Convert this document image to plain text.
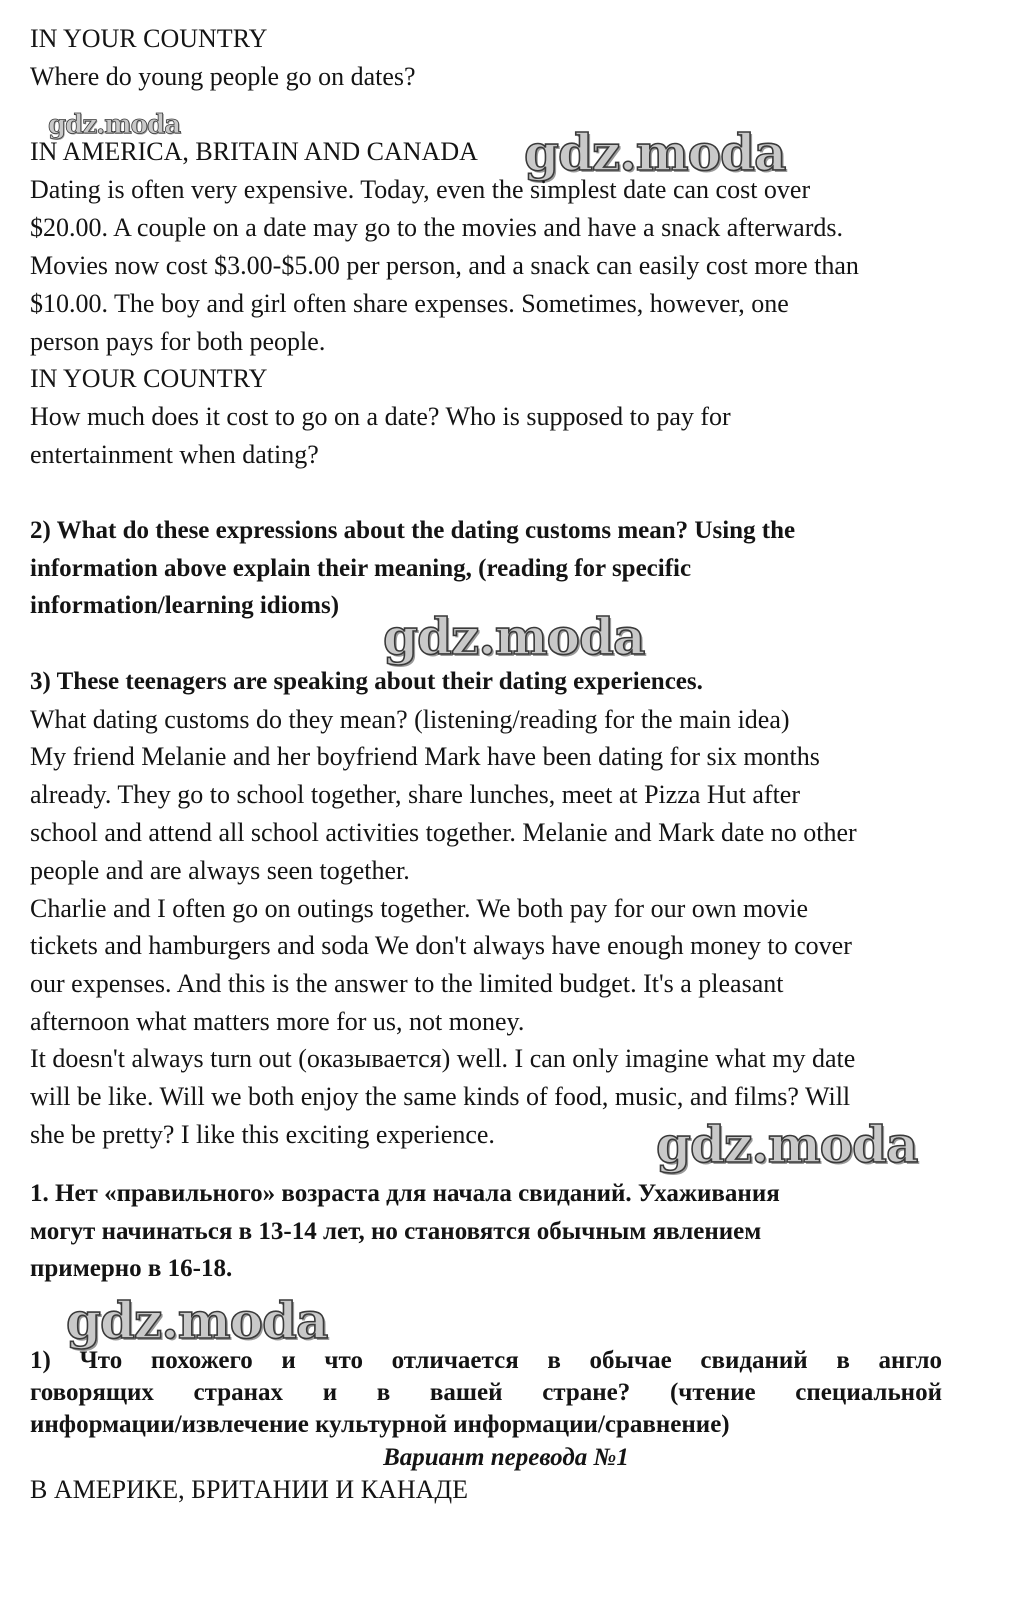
gdz.moda	gdz.moda
gdz.moda
gdz.moda
gdz.moda

IN YOUR COUNTRY

Where do young people go on dates?

IN AMERICA, BRITAIN AND CANADA

Dating is often very expensive. Today, even the simplest date can cost over

$20.00. A couple on a date may go to the movies and have a snack afterwards.

Movies now cost $3.00-$5.00 per person, and a snack can easily cost more than

$10.00. The boy and girl often share expenses. Sometimes, however, one

person pays for both people.

IN YOUR COUNTRY

How much does it cost to go on a date? Who is supposed to pay for

entertainment when dating?

2) What do these expressions about the dating customs mean? Using the

information above explain their meaning, (reading for specific

information/learning idioms)

3) These teenagers are speaking about their dating experiences.

What dating customs do they mean? (listening/reading for the main idea)

My friend Melanie and her boyfriend Mark have been dating for six months

already. They go to school together, share lunches, meet at Pizza Hut after

school and attend all school activities together. Melanie and Mark date no other

people and are always seen together.

Charlie and I often go on outings together. We both pay for our own movie

tickets and hamburgers and soda We don't always have enough money to cover

our expenses. And this is the answer to the limited budget. It's a pleasant

afternoon what matters more for us, not money.

It doesn't always turn out (оказывается) well. I can only imagine what my date

will be like. Will we both enjoy the same kinds of food, music, and films? Will

she be pretty? I like this exciting experience.

1. Нет «правильного» возраста для начала свиданий. Ухаживания

могут начинаться в 13-14 лет, но становятся обычным явлением

примерно в 16-18.

1) Что похожего и что отличается в обычае свиданий в англо

говорящих странах и в вашей стране? (чтение специальной

информации/извлечение культурной информации/сравнение)

Вариант перевода №1

В АМЕРИКЕ, БРИТАНИИ И КАНАДЕ
